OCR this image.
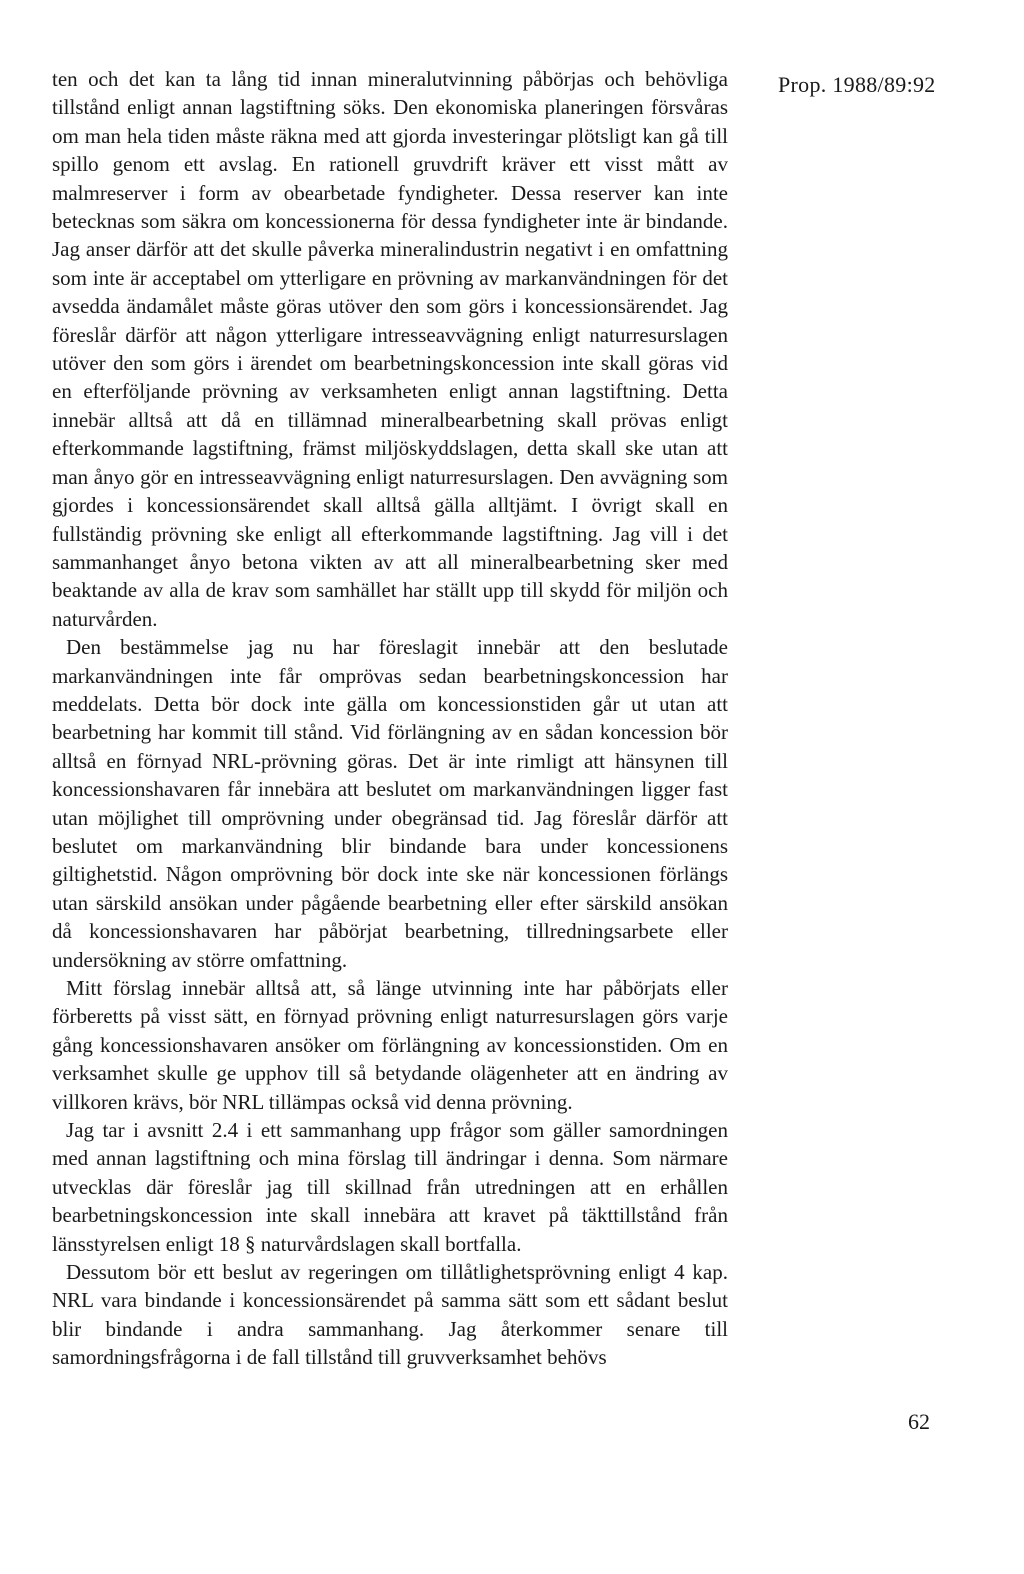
Prop. 1988/89:92

ten och det kan ta lång tid innan mineralutvinning påbörjas och behövliga tillstånd enligt annan lagstiftning söks. Den ekonomiska planeringen försvåras om man hela tiden måste räkna med att gjorda investeringar plötsligt kan gå till spillo genom ett avslag. En rationell gruvdrift kräver ett visst mått av malmreserver i form av obearbetade fyndigheter. Dessa reserver kan inte betecknas som säkra om koncessionerna för dessa fyndigheter inte är bindande. Jag anser därför att det skulle påverka mineralindustrin negativt i en omfattning som inte är acceptabel om ytterligare en prövning av markanvändningen för det avsedda ändamålet måste göras utöver den som görs i koncessionsärendet. Jag föreslår därför att någon ytterligare intresseavvägning enligt naturresurslagen utöver den som görs i ärendet om bearbetningskoncession inte skall göras vid en efterföljande prövning av verksamheten enligt annan lagstiftning. Detta innebär alltså att då en tillämnad mineralbearbetning skall prövas enligt efterkommande lagstiftning, främst miljöskyddslagen, detta skall ske utan att man ånyo gör en intresseavvägning enligt naturresurslagen. Den avvägning som gjordes i koncessionsärendet skall alltså gälla alltjämt. I övrigt skall en fullständig prövning ske enligt all efterkommande lagstiftning. Jag vill i det sammanhanget ånyo betona vikten av att all mineralbearbetning sker med beaktande av alla de krav som samhället har ställt upp till skydd för miljön och naturvården.

Den bestämmelse jag nu har föreslagit innebär att den beslutade markanvändningen inte får omprövas sedan bearbetningskoncession har meddelats. Detta bör dock inte gälla om koncessionstiden går ut utan att bearbetning har kommit till stånd. Vid förlängning av en sådan koncession bör alltså en förnyad NRL-prövning göras. Det är inte rimligt att hänsynen till koncessionshavaren får innebära att beslutet om markanvändningen ligger fast utan möjlighet till omprövning under obegränsad tid. Jag föreslår därför att beslutet om markanvändning blir bindande bara under koncessionens giltighetstid. Någon omprövning bör dock inte ske när koncessionen förlängs utan särskild ansökan under pågående bearbetning eller efter särskild ansökan då koncessionshavaren har påbörjat bearbetning, tillredningsarbete eller undersökning av större omfattning.

Mitt förslag innebär alltså att, så länge utvinning inte har påbörjats eller förberetts på visst sätt, en förnyad prövning enligt naturresurslagen görs varje gång koncessionshavaren ansöker om förlängning av koncessionstiden. Om en verksamhet skulle ge upphov till så betydande olägenheter att en ändring av villkoren krävs, bör NRL tillämpas också vid denna prövning.

Jag tar i avsnitt 2.4 i ett sammanhang upp frågor som gäller samordningen med annan lagstiftning och mina förslag till ändringar i denna. Som närmare utvecklas där föreslår jag till skillnad från utredningen att en erhållen bearbetningskoncession inte skall innebära att kravet på täkttillstånd från länsstyrelsen enligt 18 § naturvårdslagen skall bortfalla.

Dessutom bör ett beslut av regeringen om tillåtlighetsprövning enligt 4 kap. NRL vara bindande i koncessionsärendet på samma sätt som ett sådant beslut blir bindande i andra sammanhang. Jag återkommer senare till samordningsfrågorna i de fall tillstånd till gruvverksamhet behövs

62
